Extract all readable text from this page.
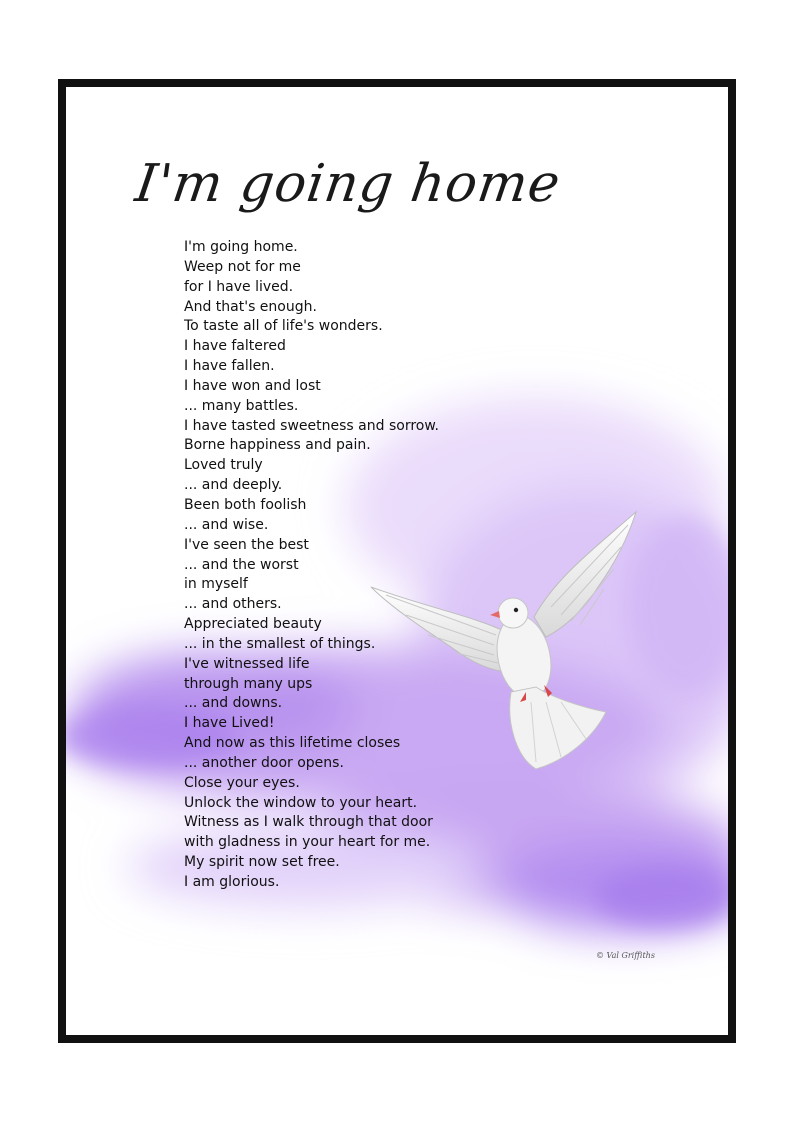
I'm going home
I'm going home.
Weep not for me
for I have lived.
And that's enough.
To taste all of life's wonders.
I have faltered
I have fallen.
I have won and lost
... many battles.
I have tasted sweetness and sorrow.
Borne happiness and pain.
Loved truly
... and deeply.
Been both foolish
... and wise.
I've seen the best
... and the worst
in myself
... and others.
Appreciated beauty
... in the smallest of things.
I've witnessed life
through many ups
... and downs.
I have Lived!
And now as this lifetime closes
... another door opens.
Close your eyes.
Unlock the window to your heart.
Witness as I walk through that door
with gladness in your heart for me.
My spirit now set free.
I am glorious.
© Val Griffiths
